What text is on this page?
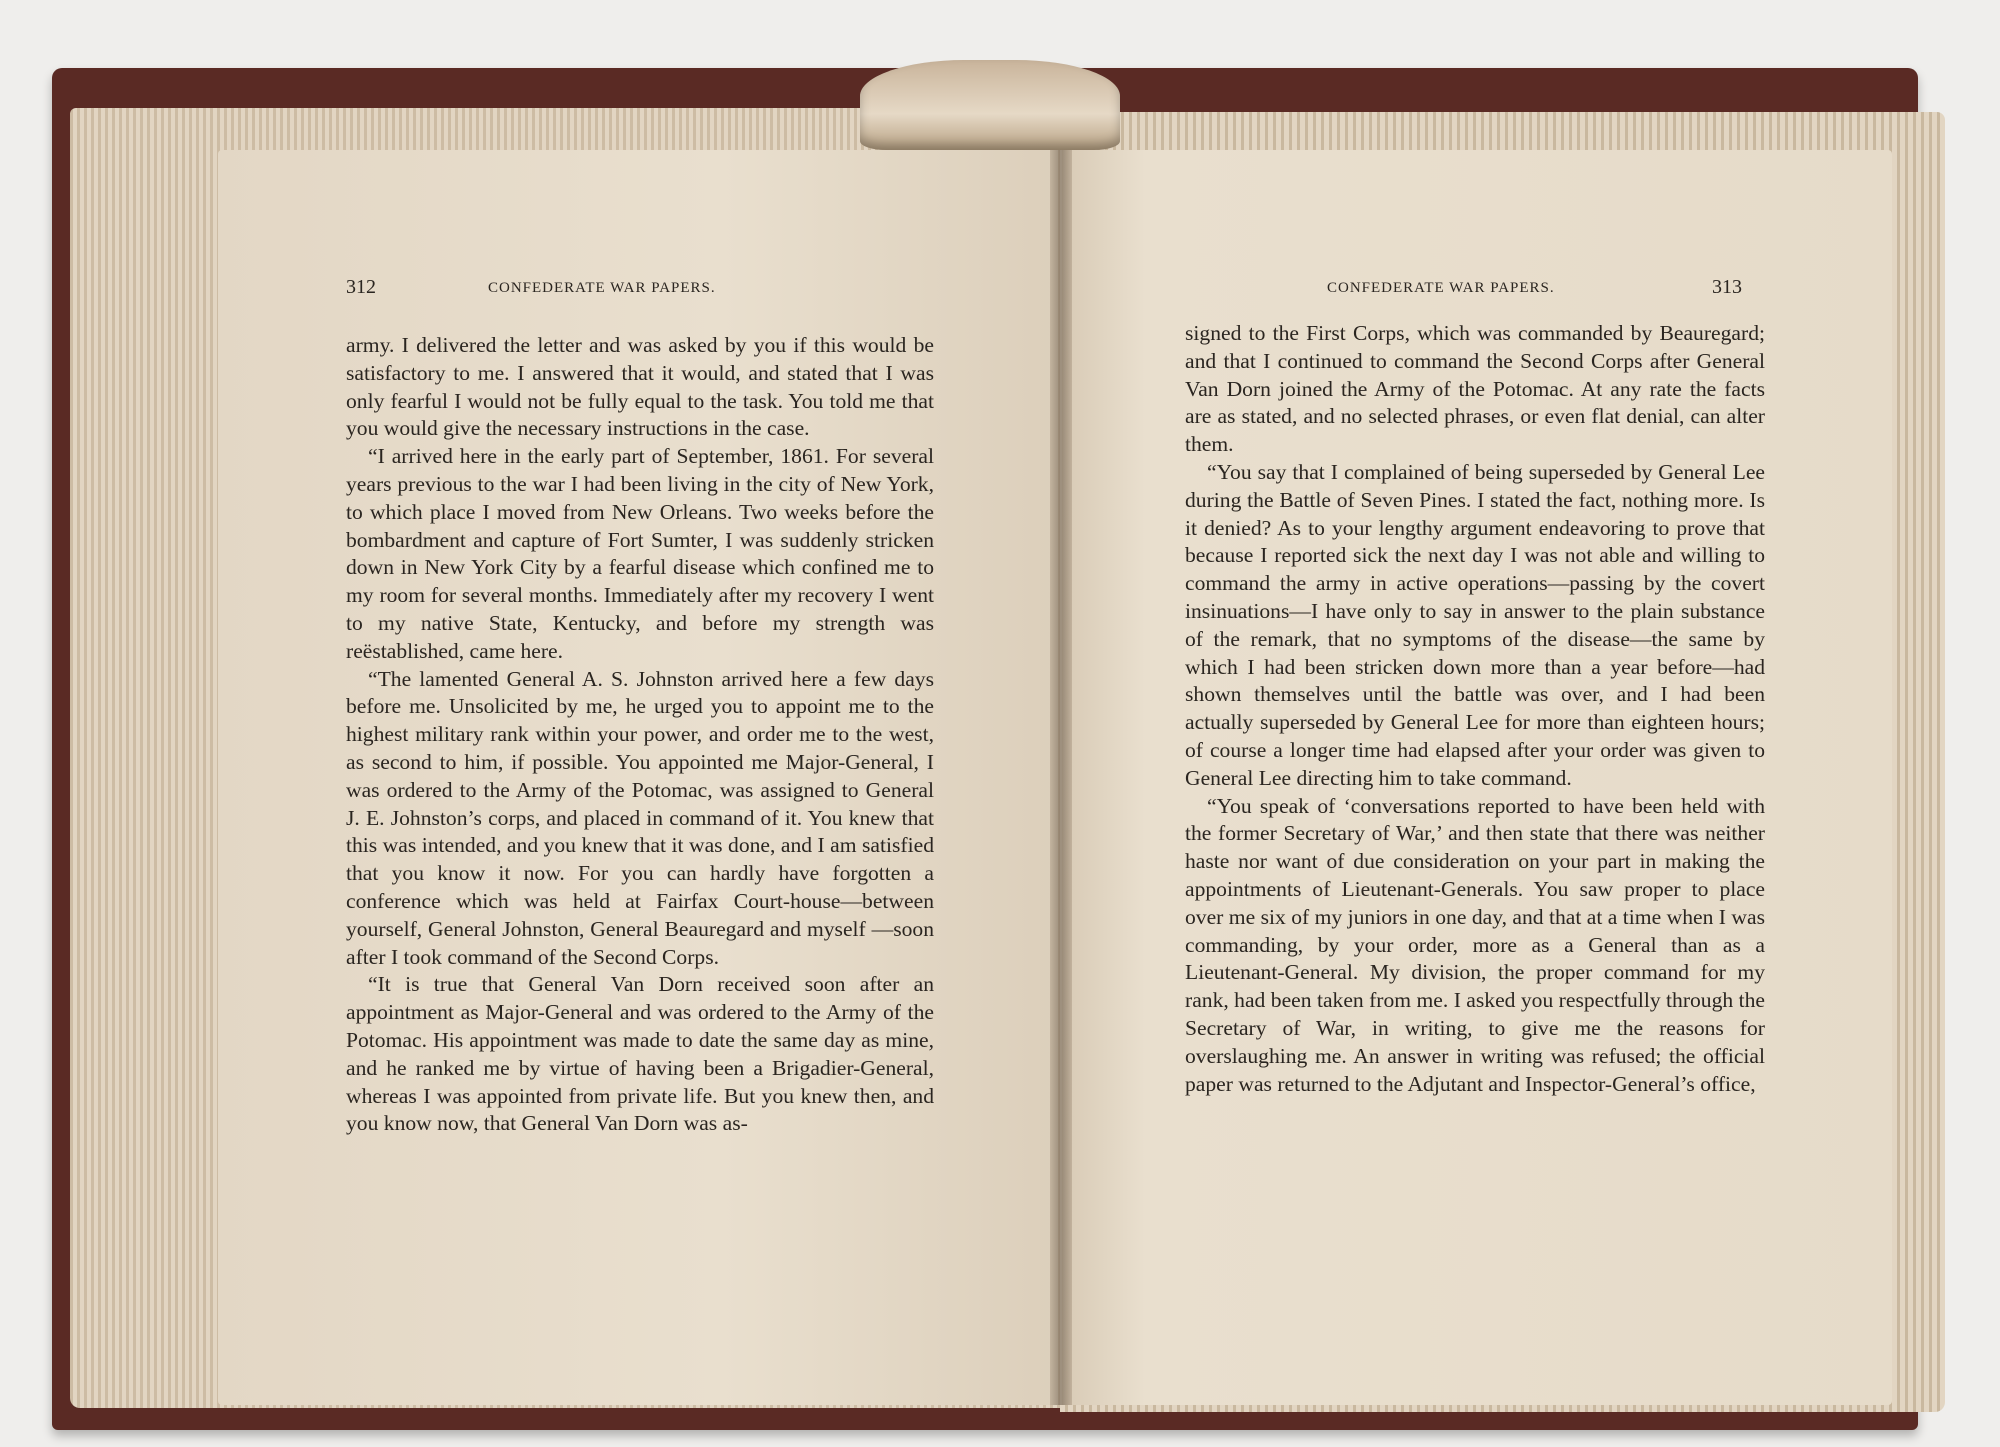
312	CONFEDERATE WAR PAPERS.

army. I delivered the letter and was asked by you if this would be satisfactory to me. I answered that it would, and stated that I was only fearful I would not be fully equal to the task. You told me that you would give the necessary instructions in the case.

“I arrived here in the early part of September, 1861. For several years previous to the war I had been living in the city of New York, to which place I moved from New Orleans. Two weeks before the bombardment and capture of Fort Sumter, I was suddenly stricken down in New York City by a fearful disease which confined me to my room for several months. Immediately after my recovery I went to my native State, Kentucky, and before my strength was reëstablished, came here.

“The lamented General A. S. Johnston arrived here a few days before me. Unsolicited by me, he urged you to appoint me to the highest military rank within your power, and order me to the west, as second to him, if possible. You appointed me Major-General, I was ordered to the Army of the Potomac, was assigned to General J. E. Johnston’s corps, and placed in command of it. You knew that this was intended, and you knew that it was done, and I am satisfied that you know it now. For you can hardly have forgotten a conference which was held at Fairfax Court-house—between yourself, General Johnston, General Beauregard and myself —soon after I took command of the Second Corps.

“It is true that General Van Dorn received soon after an appointment as Major-General and was ordered to the Army of the Potomac. His appointment was made to date the same day as mine, and he ranked me by virtue of having been a Brigadier-General, whereas I was appointed from private life. But you knew then, and you know now, that General Van Dorn was as-

CONFEDERATE WAR PAPERS.	313

signed to the First Corps, which was commanded by Beauregard; and that I continued to command the Second Corps after General Van Dorn joined the Army of the Potomac. At any rate the facts are as stated, and no selected phrases, or even flat denial, can alter them.

“You say that I complained of being superseded by General Lee during the Battle of Seven Pines. I stated the fact, nothing more. Is it denied? As to your lengthy argument endeavoring to prove that because I reported sick the next day I was not able and willing to command the army in active operations—passing by the covert insinuations—I have only to say in answer to the plain substance of the remark, that no symptoms of the disease—the same by which I had been stricken down more than a year before—had shown themselves until the battle was over, and I had been actually superseded by General Lee for more than eighteen hours; of course a longer time had elapsed after your order was given to General Lee directing him to take command.

“You speak of ‘conversations reported to have been held with the former Secretary of War,’ and then state that there was neither haste nor want of due consideration on your part in making the appointments of Lieutenant-Generals. You saw proper to place over me six of my juniors in one day, and that at a time when I was commanding, by your order, more as a General than as a Lieutenant-General. My division, the proper command for my rank, had been taken from me. I asked you respectfully through the Secretary of War, in writing, to give me the reasons for overslaughing me. An answer in writing was refused; the official paper was returned to the Adjutant and Inspector-General’s office,
